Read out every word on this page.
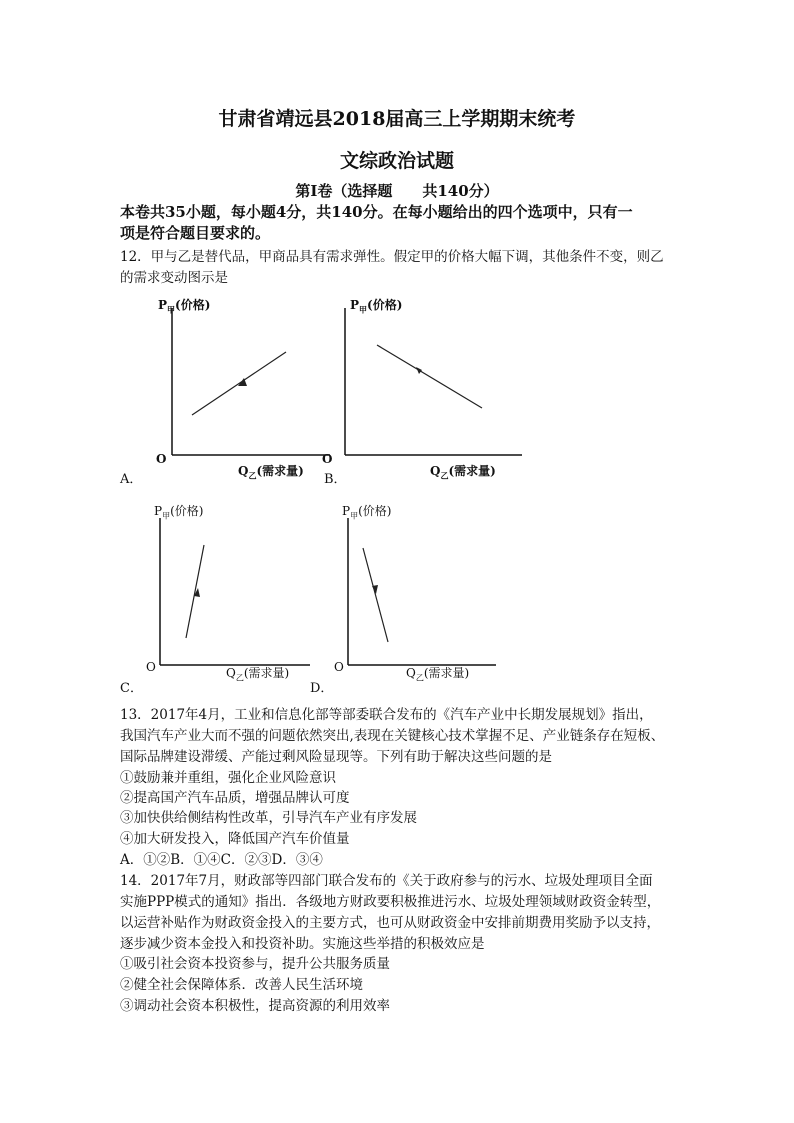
甘肃省靖远县2018届高三上学期期末统考
文综政治试题
第Ⅰ卷（选择题　　共140分）
本卷共35小题，每小题4分，共140分。在每小题给出的四个选项中，只有一
项是符合题目要求的。
12．甲与乙是替代品，甲商品具有需求弹性。假定甲的价格大幅下调，其他条件不变，则乙
的需求变动图示是
$P_甲$(价格)
O
$Q_乙$(需求量)
A．
$P_甲$(价格)
O
$Q_乙$(需求量)
B．
$P_甲$(价格)
O	$Q_乙$(需求量)
C．
$P_甲$(价格)
O	$Q_乙$(需求量)
D．
13．2017年4月，工业和信息化部等部委联合发布的《汽车产业中长期发展规划》指出，
我国汽车产业大而不强的问题依然突出,表现在关键核心技术掌握不足、产业链条存在短板、
国际品牌建设滞缓、产能过剩风险显现等。下列有助于解决这些问题的是
①鼓励兼并重组，强化企业风险意识
②提高国产汽车品质，增强品牌认可度
③加快供给侧结构性改革，引导汽车产业有序发展
④加大研发投入，降低国产汽车价值量
A．①②B．①④C．②③D．③④
14．2017年7月，财政部等四部门联合发布的《关于政府参与的污水、垃圾处理项目全面
实施PPP模式的通知》指出．各级地方财政要积极推进污水、垃圾处理领域财政资金转型，
以运营补贴作为财政资金投入的主要方式，也可从财政资金中安排前期费用奖励予以支持，
逐步减少资本金投入和投资补助。实施这些举措的积极效应是
①吸引社会资本投资参与，提升公共服务质量
②健全社会保障体系．改善人民生活环境
③调动社会资本积极性，提高资源的利用效率
